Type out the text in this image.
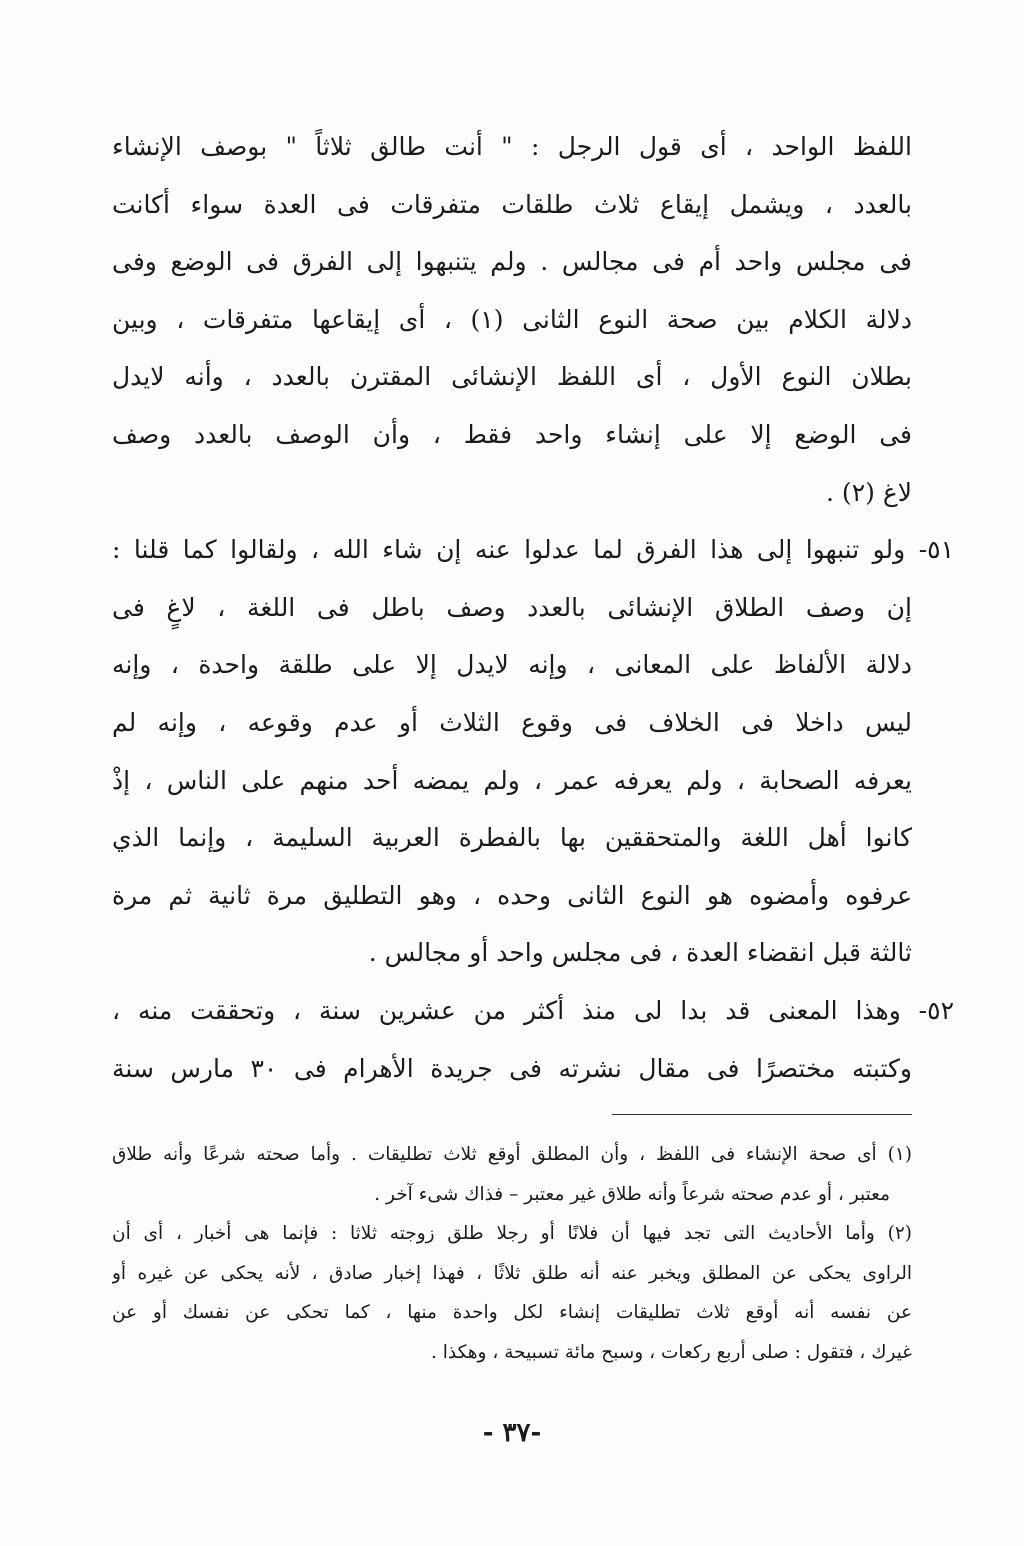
اللفظ الواحد ، أى قول الرجل : " أنت طالق ثلاثاً " بوصف الإنشاء
بالعدد ، ويشمل إيقاع ثلاث طلقات متفرقات فى العدة سواء أكانت
فى مجلس واحد أم فى مجالس . ولم يتنبهوا إلى الفرق فى الوضع وفى
دلالة الكلام بين صحة النوع الثانى (١) ، أى إيقاعها متفرقات ، وبين
بطلان النوع الأول ، أى اللفظ الإنشائى المقترن بالعدد ، وأنه لايدل
فى الوضع إلا على إنشاء واحد فقط ، وأن الوصف بالعدد وصف
لاغ (٢) .
٥١- ولو تنبهوا إلى هذا الفرق لما عدلوا عنه إن شاء الله ، ولقالوا كما قلنا :
إن وصف الطلاق الإنشائى بالعدد وصف باطل فى اللغة ، لاغٍ فى
دلالة الألفاظ على المعانى ، وإنه لايدل إلا على طلقة واحدة ، وإنه
ليس داخلا فى الخلاف فى وقوع الثلاث أو عدم وقوعه ، وإنه لم
يعرفه الصحابة ، ولم يعرفه عمر ، ولم يمضه أحد منهم على الناس ، إذْ
كانوا أهل اللغة والمتحققين بها بالفطرة العربية السليمة ، وإنما الذي
عرفوه وأمضوه هو النوع الثانى وحده ، وهو التطليق مرة ثانية ثم مرة
ثالثة قبل انقضاء العدة ، فى مجلس واحد أو مجالس .
٥٢- وهذا المعنى قد بدا لى منذ أكثر من عشرين سنة ، وتحققت منه ،
وكتبته مختصرًا فى مقال نشرته فى جريدة الأهرام فى ٣٠ مارس سنة
(١) أى صحة الإنشاء فى اللفظ ، وأن المطلق أوقع ثلاث تطليقات . وأما صحته شرعًا وأنه طلاق
معتبر ، أو عدم صحته شرعاً وأنه طلاق غير معتبر – فذاك شىء آخر .
(٢) وأما الأحاديث التى تجد فيها أن فلانًا أو رجلا طلق زوجته ثلاثا : فإنما هى أخبار ، أى أن
الراوى يحكى عن المطلق ويخبر عنه أنه طلق ثلاثًا ، فهذا إخبار صادق ، لأنه يحكى عن غيره أو
عن نفسه أنه أوقع ثلاث تطليقات إنشاء لكل واحدة منها ، كما تحكى عن نفسك أو عن
غيرك ، فتقول : صلى أربع ركعات ، وسبح مائة تسبيحة ، وهكذا .
-٣٧ -
